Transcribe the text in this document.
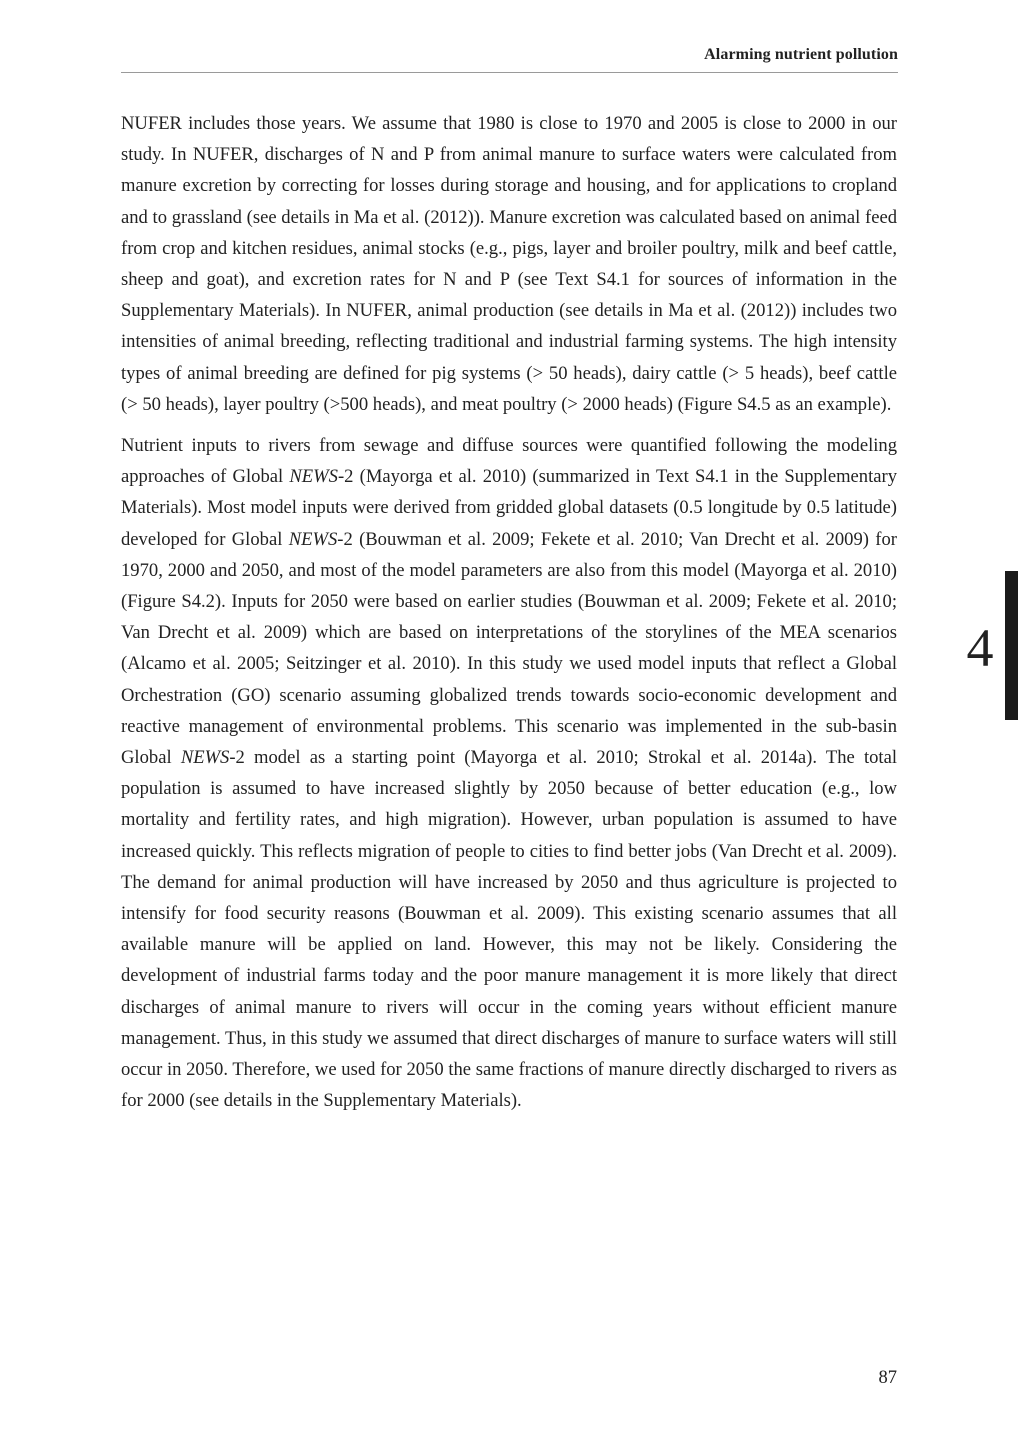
Alarming nutrient pollution

NUFER includes those years. We assume that 1980 is close to 1970 and 2005 is close to 2000 in our study. In NUFER, discharges of N and P from animal manure to surface waters were calculated from manure excretion by correcting for losses during storage and housing, and for applications to cropland and to grassland (see details in Ma et al. (2012)). Manure excretion was calculated based on animal feed from crop and kitchen residues, animal stocks (e.g., pigs, layer and broiler poultry, milk and beef cattle, sheep and goat), and excretion rates for N and P (see Text S4.1 for sources of information in the Supplementary Materials). In NUFER, animal production (see details in Ma et al. (2012)) includes two intensities of animal breeding, reflecting traditional and industrial farming systems. The high intensity types of animal breeding are defined for pig systems (> 50 heads), dairy cattle (> 5 heads), beef cattle (> 50 heads), layer poultry (>500 heads), and meat poultry (> 2000 heads) (Figure S4.5 as an example).

Nutrient inputs to rivers from sewage and diffuse sources were quantified following the modeling approaches of Global NEWS-2 (Mayorga et al. 2010) (summarized in Text S4.1 in the Supplementary Materials). Most model inputs were derived from gridded global datasets (0.5 longitude by 0.5 latitude) developed for Global NEWS-2 (Bouwman et al. 2009; Fekete et al. 2010; Van Drecht et al. 2009) for 1970, 2000 and 2050, and most of the model parameters are also from this model (Mayorga et al. 2010) (Figure S4.2). Inputs for 2050 were based on earlier studies (Bouwman et al. 2009; Fekete et al. 2010; Van Drecht et al. 2009) which are based on interpretations of the storylines of the MEA scenarios (Alcamo et al. 2005; Seitzinger et al. 2010). In this study we used model inputs that reflect a Global Orchestration (GO) scenario assuming globalized trends towards socio-economic development and reactive management of environmental problems. This scenario was implemented in the sub-basin Global NEWS-2 model as a starting point (Mayorga et al. 2010; Strokal et al. 2014a). The total population is assumed to have increased slightly by 2050 because of better education (e.g., low mortality and fertility rates, and high migration). However, urban population is assumed to have increased quickly. This reflects migration of people to cities to find better jobs (Van Drecht et al. 2009). The demand for animal production will have increased by 2050 and thus agriculture is projected to intensify for food security reasons (Bouwman et al. 2009). This existing scenario assumes that all available manure will be applied on land. However, this may not be likely. Considering the development of industrial farms today and the poor manure management it is more likely that direct discharges of animal manure to rivers will occur in the coming years without efficient manure management. Thus, in this study we assumed that direct discharges of manure to surface waters will still occur in 2050. Therefore, we used for 2050 the same fractions of manure directly discharged to rivers as for 2000 (see details in the Supplementary Materials).

4
87
